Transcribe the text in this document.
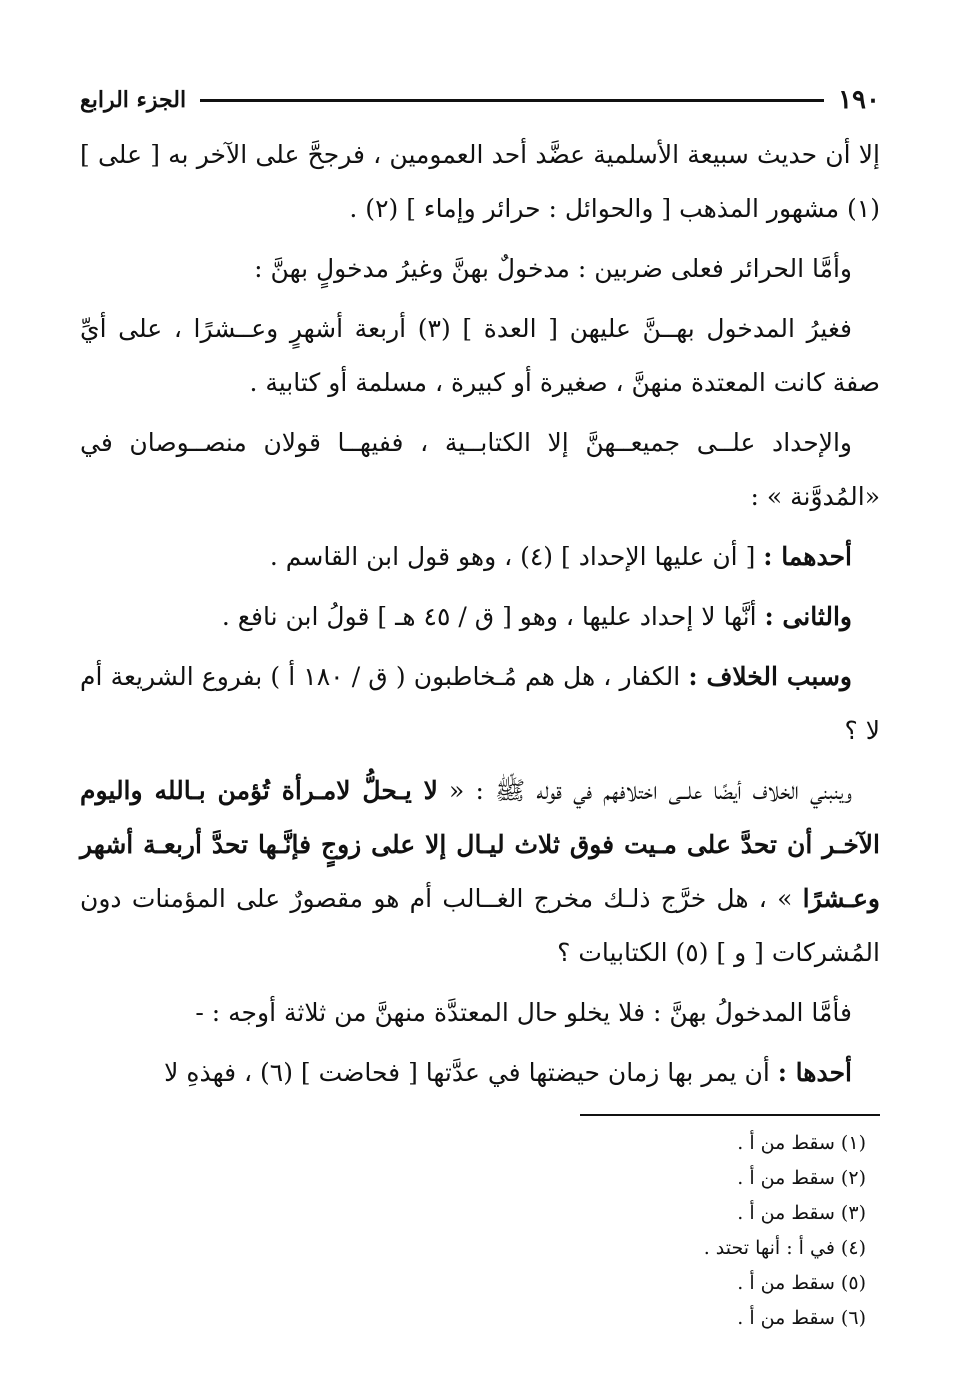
١٩٠
الجزء الرابع

إلا أن حديث سبيعة الأسلمية عضَّد أحد العمومين ، فرجحَّ على الآخر به [ على ] (١) مشهور المذهب [ والحوائل : حرائر وإماء ] (٢) .

وأمَّا الحرائر فعلى ضربين : مدخولٌ بهنَّ وغيرُ مدخولٍ بهنَّ :

فغيرُ المدخول بهــنَّ عليهن [ العدة ] (٣) أربعة أشهرٍ وعــشرًا ، على أيِّ صفة كانت المعتدة منهنَّ ، صغيرة أو كبيرة ، مسلمة أو كتابية .

والإحداد علــى جميعــهنَّ إلا الكتابــية ، ففيهــا قولان منصــوصان في «المُدوَّنة » :

أحدهما : [ أن عليها الإحداد ] (٤) ، وهو قول ابن القاسم .

والثانى : أنَّها لا إحداد عليها ، وهو [ ق / ٤٥ هـ ] قولُ ابن نافع .

وسبب الخلاف : الكفار ، هل هم مُـخاطبون ( ق / ١٨٠ أ ) بفروع الشريعة أم لا ؟

وينبني الخلاف أيضًا علــى اختلافهم في قوله ﷺ : « لا يـحلُّ لامـرأة تُؤمن بـالله واليوم الآخـر أن تحدَّ على مـيت فوق ثلاث ليـال إلا على زوجٍ فإنَّـها تحدَّ أربعـة أشهر وعـشرًا » ، هل خرَّج ذلـك مخرج الغــالب أم هو مقصورٌ على المؤمنات دون المُشركات [ و ] (٥) الكتابيات ؟

فأمَّا المدخولُ بهنَّ : فلا يخلو حال المعتدَّة منهنَّ من ثلاثة أوجه : -

أحدها : أن يمر بها زمان حيضتها في عدَّتها [ فحاضت ] (٦) ، فهذهِ لا

(١) سقط من أ .
(٢) سقط من أ .
(٣) سقط من أ .
(٤) في أ : أنها تحتد .
(٥) سقط من أ .
(٦) سقط من أ .
